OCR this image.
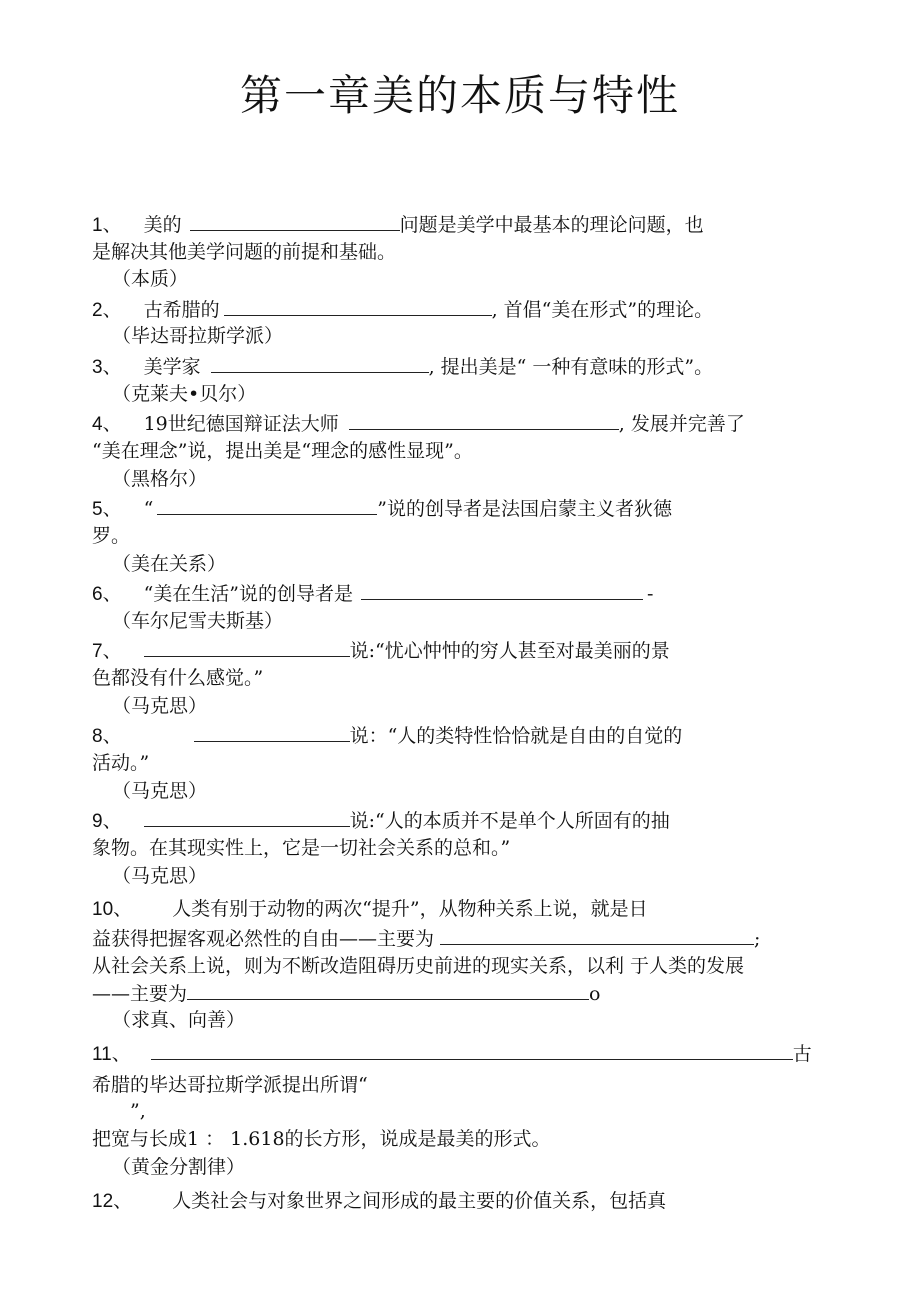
第一章美的本质与特性
1、 美的	问题是美学中最基本的理论问题，也
是解决其他美学问题的前提和基础。
（本质）
2、 古希腊的	, 首倡“美在形式”的理论。
（毕达哥拉斯学派）
3、 美学家	, 提出美是“ 一种有意味的形式”。
（克莱夫•贝尔）
4、 19世纪德国辩证法大师	, 发展并完善了
“美在理念”说，提出美是“理念的感性显现”。
（黑格尔）
5、 “	”说的创导者是法国启蒙主义者狄德
罗。
（美在关系）
6、 “美在生活”说的创导者是	-
（车尔尼雪夫斯基）
7、	说:“忧心忡忡的穷人甚至对最美丽的景
色都没有什么感觉。”
（马克思）
8、	说：“人的类特性恰恰就是自由的自觉的
活动。”
（马克思）
9、	说:“人的本质并不是单个人所固有的抽
象物。在其现实性上，它是一切社会关系的总和。”
（马克思）
10、 人类有别于动物的两次“提升”，从物种关系上说，就是日
益获得把握客观必然性的自由——主要为	;
从社会关系上说，则为不断改造阻碍历史前进的现实关系，以利 于人类的发展
——主要为	o
（求真、向善）
11、	古
希腊的毕达哥拉斯学派提出所谓“
”,
把宽与长成1 ： 1.618的长方形，说成是最美的形式。
（黄金分割律）
12、 人类社会与对象世界之间形成的最主要的价值关系，包括真
